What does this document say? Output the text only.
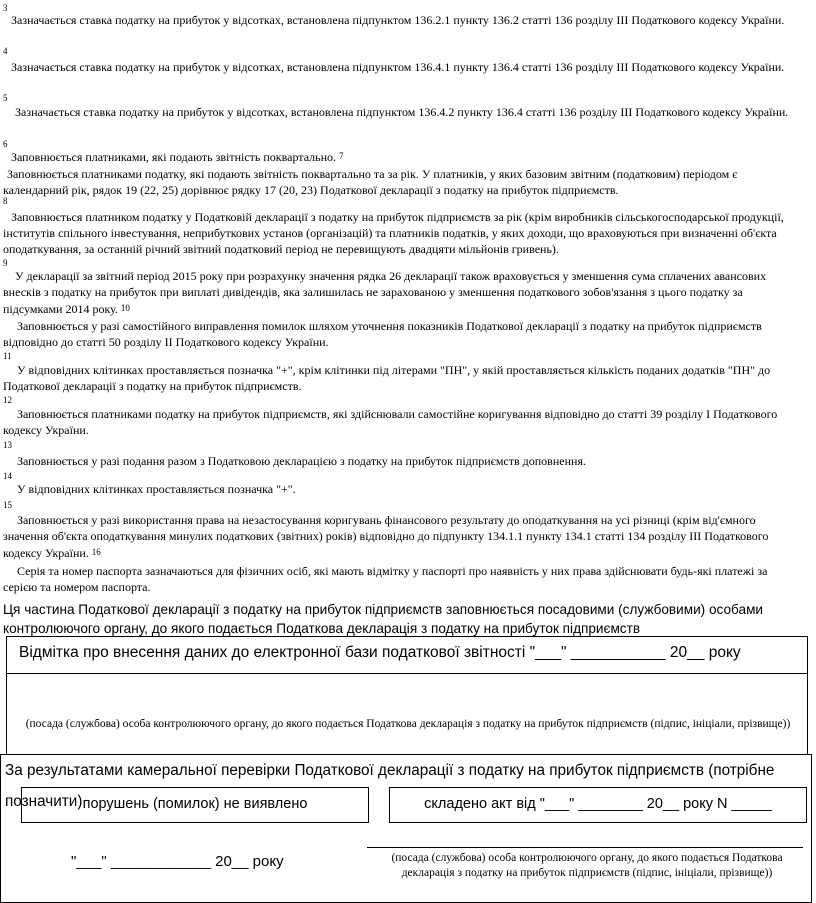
3
Зазначається ставка податку на прибуток у відсотках, встановлена підпунктом 136.2.1 пункту 136.2 статті 136 розділу III Податкового кодексу України.
4
Зазначається ставка податку на прибуток у відсотках, встановлена підпунктом 136.4.1 пункту 136.4 статті 136 розділу III Податкового кодексу України.
5
Зазначається ставка податку на прибуток у відсотках, встановлена підпунктом 136.4.2 пункту 136.4 статті 136 розділу III Податкового кодексу України.
6
Заповнюється платниками, які подають звітність поквартально. 7
Заповнюється платниками податку, які подають звітність поквартально та за рік. У платників, у яких базовим звітним (податковим) періодом є календарний рік, рядок 19 (22, 25) дорівнює рядку 17 (20, 23) Податкової декларації з податку на прибуток підприємств.
8
Заповнюється платником податку у Податковій декларації з податку на прибуток підприємств за рік (крім виробників сільськогосподарської продукції, інститутів спільного інвестування, неприбуткових установ (організацій) та платників податків, у яких доходи, що враховуються при визначенні об'єкта оподаткування, за останній річний звітний податковий період не перевищують двадцяти мільйонів гривень).
9
У декларації за звітний період 2015 року при розрахунку значення рядка 26 декларації також враховується у зменшення сума сплачених авансових внесків з податку на прибуток при виплаті дивідендів, яка залишилась не зарахованою у зменшення податкового зобов'язання з цього податку за підсумками 2014 року. 10
Заповнюється у разі самостійного виправлення помилок шляхом уточнення показників Податкової декларації з податку на прибуток підприємств відповідно до статті 50 розділу II Податкового кодексу України.
11
У відповідних клітинках проставляється позначка "+", крім клітинки під літерами "ПН", у якій проставляється кількість поданих додатків "ПН" до Податкової декларації з податку на прибуток підприємств.
12
Заповнюється платниками податку на прибуток підприємств, які здійснювали самостійне коригування відповідно до статті 39 розділу I Податкового кодексу України.
13
Заповнюється у разі подання разом з Податковою декларацією з податку на прибуток підприємств доповнення.
14
У відповідних клітинках проставляється позначка "+".
15
Заповнюється у разі використання права на незастосування коригувань фінансового результату до оподаткування на усі різниці (крім від'ємного значення об'єкта оподаткування минулих податкових (звітних) років) відповідно до підпункту 134.1.1 пункту 134.1 статті 134 розділу III Податкового кодексу України. 16
Серія та номер паспорта зазначаються для фізичних осіб, які мають відмітку у паспорті про наявність у них права здійснювати будь-які платежі за серією та номером паспорта.
Ця частина Податкової декларації з податку на прибуток підприємств заповнюється посадовими (службовими) особами контролюючого органу, до якого подається Податкова декларація з податку на прибуток підприємств
Відмітка про внесення даних до електронної бази податкової звітності "___" ___________ 20__ року
(посада (службова) особа контролюючого органу, до якого подається Податкова декларація з податку на прибуток підприємств (підпис, ініціали, прізвище))
За результатами камеральної перевірки Податкової декларації з податку на прибуток підприємств (потрібне позначити) порушень (помилок) не виявлено	складено акт від "___" ________ 20__ року N _____
"___" ____________ 20__ року	(посада (службова) особа контролюючого органу, до якого подається Податкова декларація з податку на прибуток підприємств (підпис, ініціали, прізвище))
